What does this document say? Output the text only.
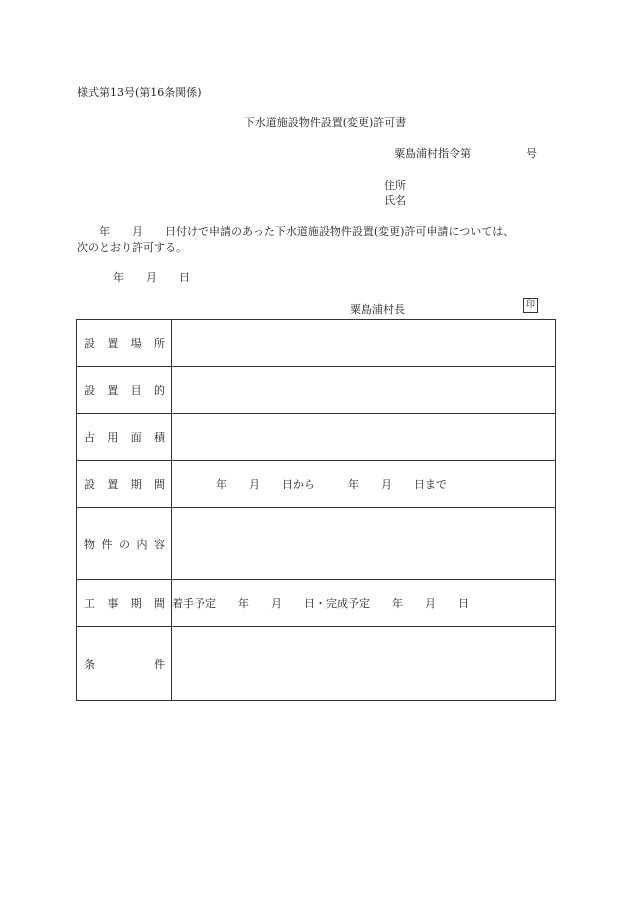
様式第13号(第16条関係)
下水道施設物件設置(変更)許可書
粟島浦村指令第　　　　　号
住所
氏名
　　年　　月　　日付けで申請のあった下水道施設物件設置(変更)許可申請については、
次のとおり許可する。
年　　月　　日
粟島浦村長	印
設 置 場 所	

設 置 目 的	

占 用 面 積	

設 置 期 間	　　　　年　　月　　日から　　　年　　月　　日まで

物 件 の 内 容	

工 事 期 間	着手予定　　年　　月　　日・完成予定　　年　　月　　日

条 件	
